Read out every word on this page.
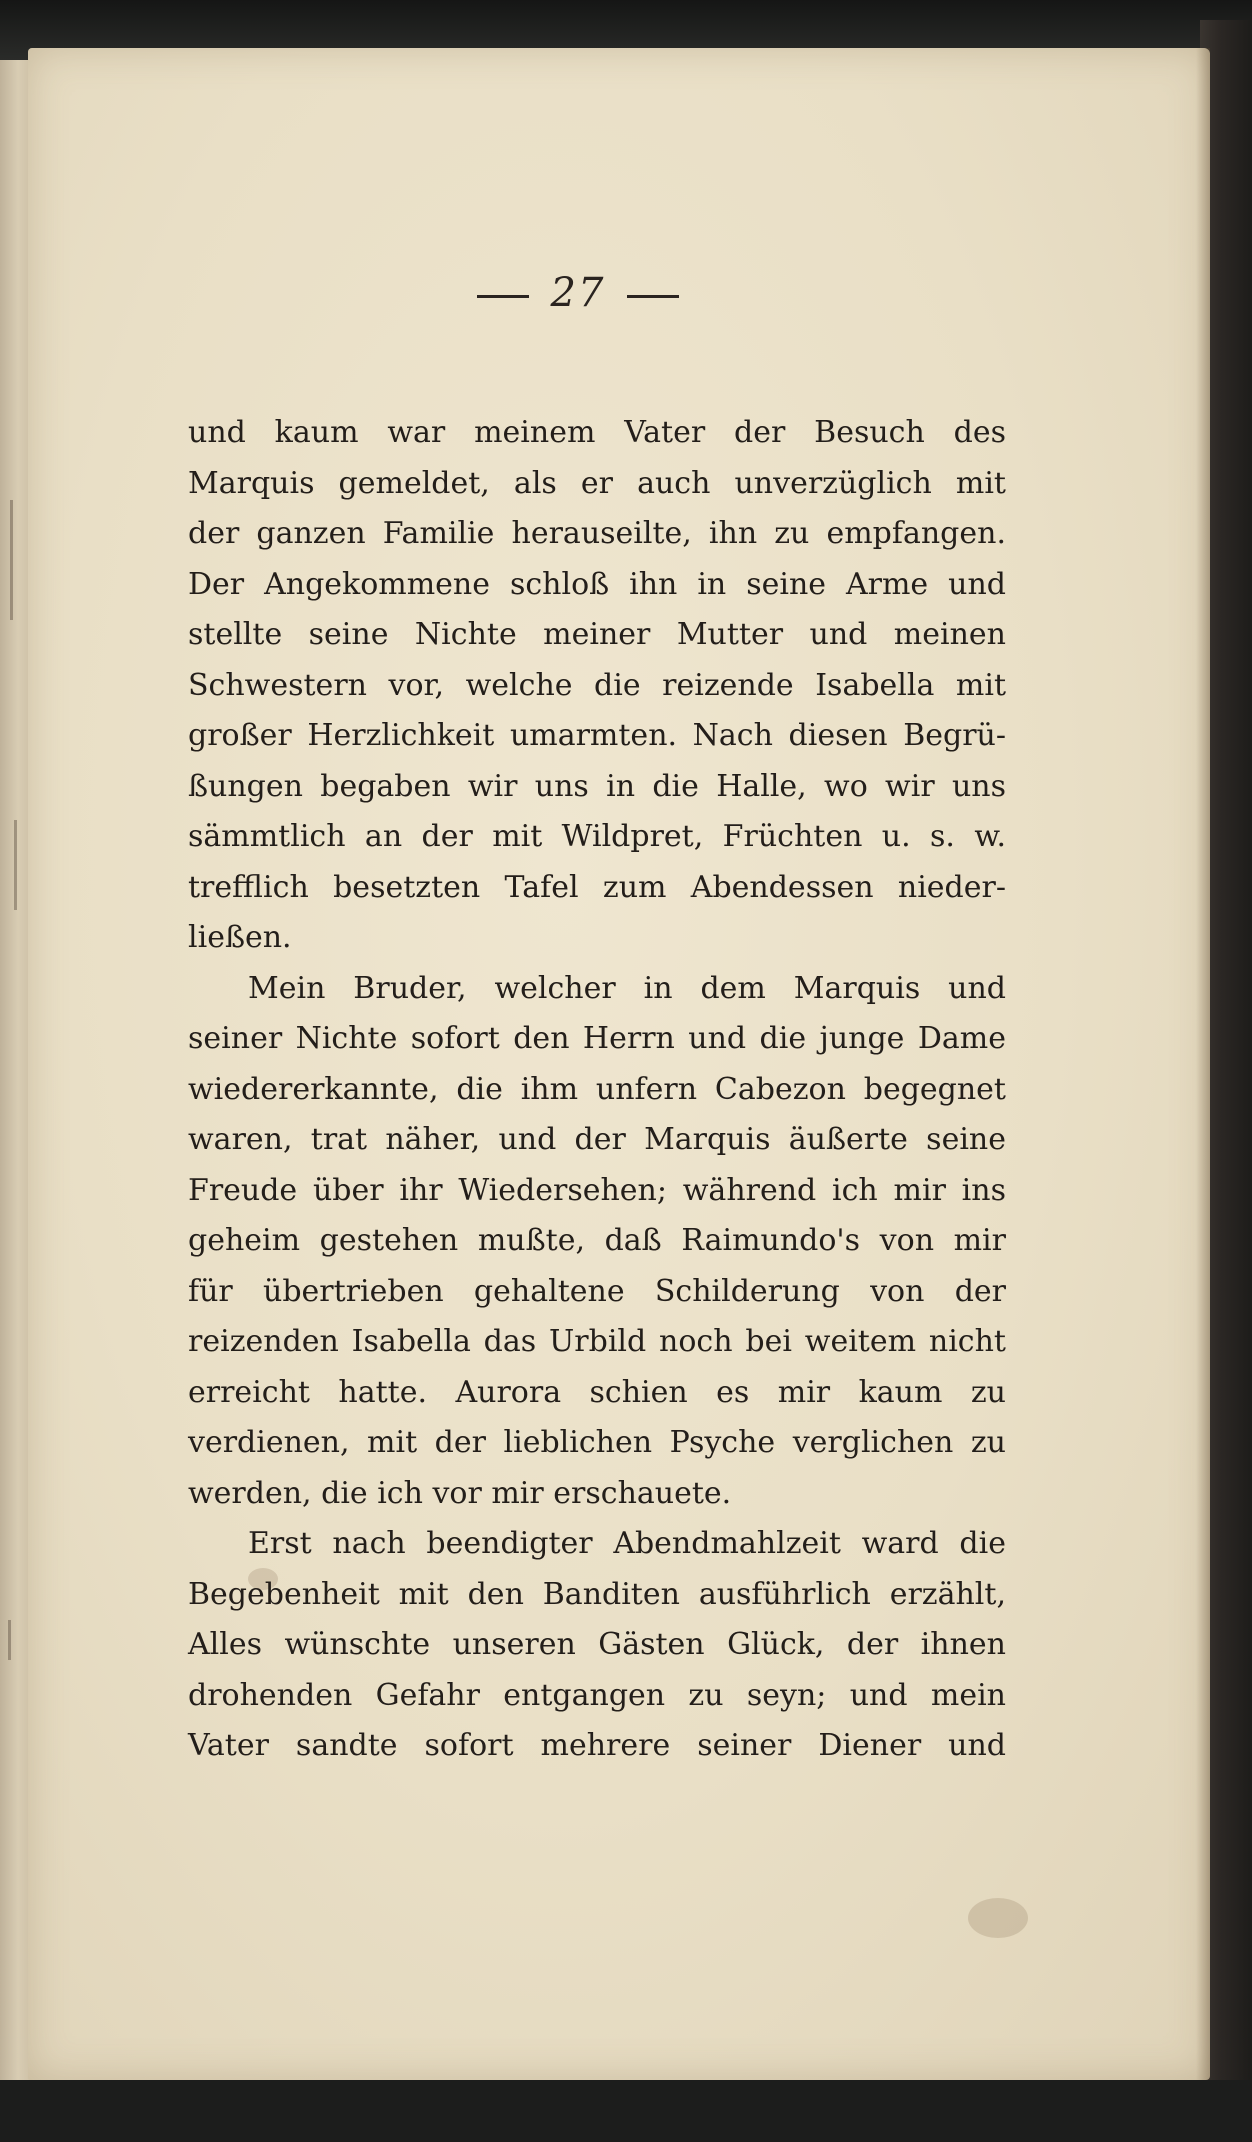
27

und kaum war meinem Vater der Besuch des
Marquis gemeldet, als er auch unverzüglich mit
der ganzen Familie herauseilte, ihn zu empfangen.
Der Angekommene schloß ihn in seine Arme und
stellte seine Nichte meiner Mutter und meinen
Schwestern vor, welche die reizende Isabella mit
großer Herzlichkeit umarmten. Nach diesen Begrü-
ßungen begaben wir uns in die Halle, wo wir uns
sämmtlich an der mit Wildpret, Früchten u. s. w.
trefflich besetzten Tafel zum Abendessen nieder-
ließen.

Mein Bruder, welcher in dem Marquis und
seiner Nichte sofort den Herrn und die junge Dame
wiedererkannte, die ihm unfern Cabezon begegnet
waren, trat näher, und der Marquis äußerte seine
Freude über ihr Wiedersehen; während ich mir ins
geheim gestehen mußte, daß Raimundo's von mir
für übertrieben gehaltene Schilderung von der
reizenden Isabella das Urbild noch bei weitem nicht
erreicht hatte. Aurora schien es mir kaum zu
verdienen, mit der lieblichen Psyche verglichen zu
werden, die ich vor mir erschauete.

Erst nach beendigter Abendmahlzeit ward die
Begebenheit mit den Banditen ausführlich erzählt,
Alles wünschte unseren Gästen Glück, der ihnen
drohenden Gefahr entgangen zu seyn; und mein
Vater sandte sofort mehrere seiner Diener und
